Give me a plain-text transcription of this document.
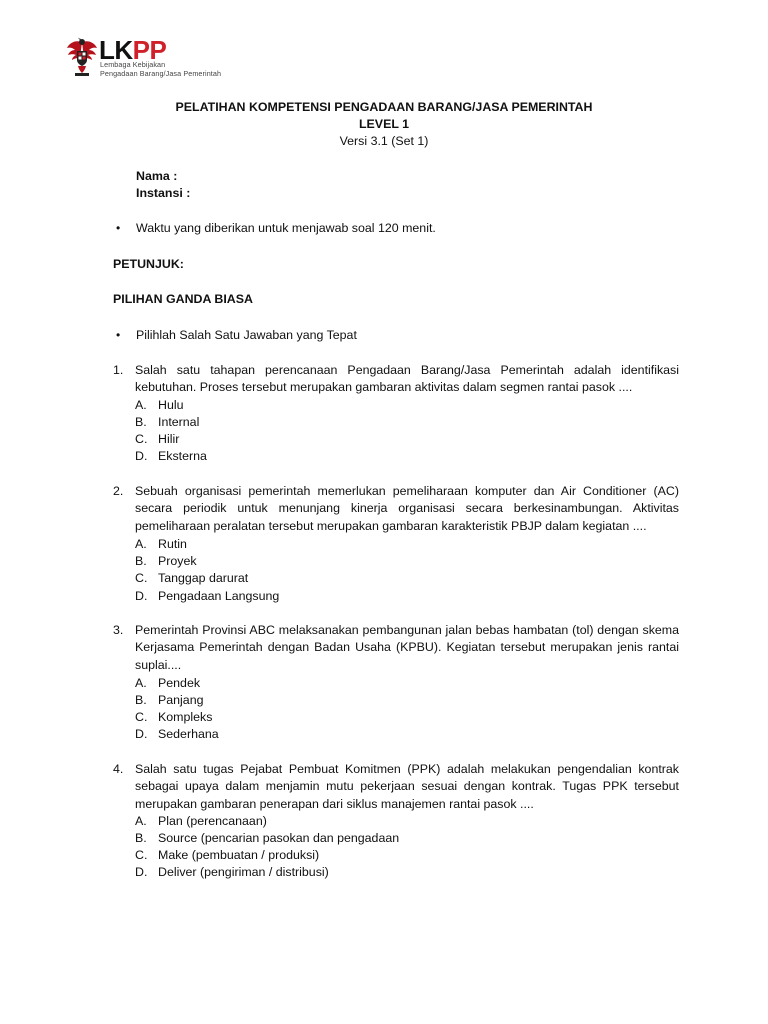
LKPP
Lembaga Kebijakan
Pengadaan Barang/Jasa Pemerintah
PELATIHAN KOMPETENSI PENGADAAN BARANG/JASA PEMERINTAH
LEVEL 1
Versi 3.1 (Set 1)
Nama :
Instansi :
• Waktu yang diberikan untuk menjawab soal 120 menit.
PETUNJUK:
PILIHAN GANDA BIASA
• Pilihlah Salah Satu Jawaban yang Tepat
1. Salah satu tahapan perencanaan Pengadaan Barang/Jasa Pemerintah adalah identifikasi kebutuhan. Proses tersebut merupakan gambaran aktivitas dalam segmen rantai pasok ....
A. Hulu
B. Internal
C. Hilir
D. Eksterna
2. Sebuah organisasi pemerintah memerlukan pemeliharaan komputer dan Air Conditioner (AC) secara periodik untuk menunjang kinerja organisasi secara berkesinambungan. Aktivitas pemeliharaan peralatan tersebut merupakan gambaran karakteristik PBJP dalam kegiatan ....
A. Rutin
B. Proyek
C. Tanggap darurat
D. Pengadaan Langsung
3. Pemerintah Provinsi ABC melaksanakan pembangunan jalan bebas hambatan (tol) dengan skema Kerjasama Pemerintah dengan Badan Usaha (KPBU). Kegiatan tersebut merupakan jenis rantai suplai....
A. Pendek
B. Panjang
C. Kompleks
D. Sederhana
4. Salah satu tugas Pejabat Pembuat Komitmen (PPK) adalah melakukan pengendalian kontrak sebagai upaya dalam menjamin mutu pekerjaan sesuai dengan kontrak. Tugas PPK tersebut merupakan gambaran penerapan dari siklus manajemen rantai pasok ....
A. Plan (perencanaan)
B. Source (pencarian pasokan dan pengadaan
C. Make (pembuatan / produksi)
D. Deliver (pengiriman / distribusi)
